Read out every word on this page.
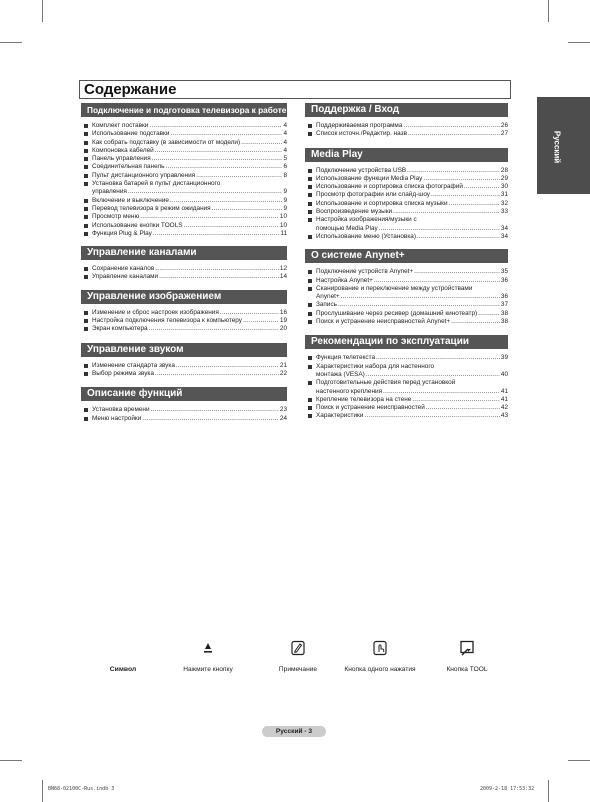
Русский
Содержание
Подключение и подготовка телевизора к работе
Комплект поставки .....	4
Использование подставки .....	4
Как собрать подставку (в зависимости от модели) .....	4
Компоновка кабелей .....	4
Панель управления .....	5
Соединительная панель .....	6
Пульт дистанционного управления .....	8
Установка батарей в пульт дистанционного
управления .....	9
Включение и выключение .....	9
Перевод телевизора в режим ожидания .....	9
Просмотр меню .....	10
Использование кнопки TOOLS .....	10
Функция Plug & Play .....	11
Управление каналами
Сохранение каналов .....	12
Управление каналами .....	14
Управление изображением
Изменение и сброс настроек изображения .....	16
Настройка подключения телевизора к компьютеру .....	19
Экран компьютера .....	20
Управление звуком
Изменение стандарта звука .....	21
Выбор режима звука .....	22
Описание функций
Установка времени .....	23
Меню настройки .....	24
Поддержка / Вход
Поддерживаемая программа .....	26
Список источн./Редактир. назв .....	27
Media Play
Подключение устройства USB .....	28
Использование функции Media Play .....	29
Использование и сортировка списка фотографий .....	30
Просмотр фотографии или слайд-шоу .....	31
Использование и сортировка списка музыки .....	32
Воспроизведение музыки .....	33
Настройка изображения/музыки с
помощью Media Play .....	34
Использование меню (Установка) .....	34
О системе Anynet+
Подключение устройств Anynet+ .....	35
Настройка Anynet+ .....	36
Сканирование и переключение между устройствами
Anynet+ .....	36
Запись .....	37
Прослушивание через ресивер (домашний кинотеатр) .....	38
Поиск и устранение неисправностей Anynet+ .....	38
Рекомендации по эксплуатации
Функция телетекста .....	39
Характеристики набора для настенного
монтажа (VESA) .....	40
Подготовительные действия перед установкой
настенного крепления .....	41
Крепление телевизора на стене .....	41
Поиск и устранение неисправностей .....	42
Характеристики .....	43
Символ	Нажмите кнопку	Примечание	Кнопка одного нажатия	Кнопка TOOL
Русский - 3
BN68-02100C-Rus.indb 3	2009-2-18 17:53:32
